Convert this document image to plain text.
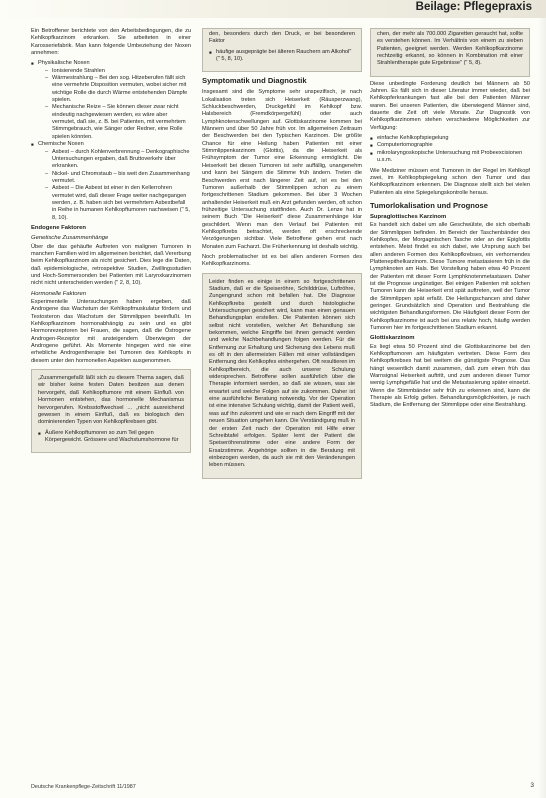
Beilage: Pflegepraxis

Ein Betroffener berichtete von den Arbeitsbedingungen, die zu Kehlkopfkarzinom erkranken. Sie arbeiteten in einer Karosseriefabrik. Man kann folgende Umbeziehung der Noxen annehmen:

■ Physikalische Noxen
– Ionisierende Strahlen
– Wärmestrahlung – Bei den sog. Hitzeberufen fällt sich eine vermehrte Disposition vermuten, wobei sicher mit wichtige Rolle die durch Wärme entstehenden Dämpfe spielen.
– Mechanische Reize – Sie können dieser zwar nicht eindeutig nachgewiesen werden, es wäre aber vermutet, daß sie, z. B. bei Patienten, mit vermehrtem Stimmgebrauch, wie Sänger oder Redner, eine Rolle spielen könnten.
■ Chemische Noxen
– Asbest – durch Kohlenverbrennung – Denkographische Untersuchungen ergaben, daß Bruttoverkehr über erkranken.
– Nickel- und Chromstaub – bis weit den Zusammenhang vermutet.
– Asbest – Die Asbest ist einer in den Kellerrohren vermutet wird, daß dieser Frage weiter nachgegangen werden, z. B. haben sich bei vermehrtem Asbestbefall in Reihe in humanen Kehlkopftumoren nachweisen (" 5, 8, 10).
Endogene Faktoren
Genetische Zusammenhänge

Über die das gehäufte Auftreten von malignen Tumoren in manchen Familien wird im allgemeinen berichtet, daß Vererbung beim Kehlkopfkarzinom als nicht gesichert. Dies lege die Daten, daß epidemiologische, retrospektive Studien, Zwillingsstudien und Hoch-Sommersonden bei Patienten mit Larynxkarzinomen nicht nicht unterscheiden werden (" 2, 8, 10).

Hormonelle Faktoren

Experimentelle Untersuchungen haben ergeben, daß Androgene das Wachstum der Kehlkopfmuskulatur fördern und Testosteron das Wachstum der Stimmlippen beeinflußt. Im Kehlkopfkarzinom hormonabhängig zu sein und es gibt Hormonrezeptoren bei Frauen, die sagen, daß die Östrogene Androgen-Rezeptor mit ansteigendem Überwiegen der Androgene geführt. Als Momente hingegen wird nie eine erhebliche Androgentherapie bei Tumoren des Kehlkopfs in diesem unter den hormonellen Aspekten ausgenommen.

„Zusammengefaßt läßt sich zu diesem Thema sagen, daß wir bisher keine festen Daten besitzen aus denen hervorgeht, daß Kehlkopftumore mit einem Einfluß von Hormonen entstehen, das hormonelle Mechanismus hervorgerufen. Krebsstoffwechsel ... „nicht ausreichend gewesen in einem Einfluß, daß es biologisch den dominierenden Typen von Kehlkopfkrebsen gibt.

■ Äußere Kehlkopftumoren so zum Teil gegen Körpergewicht. Grössere und Wachstumshormone für

den, besonders durch den Druck, er bei besonderen Faktor

■ häufige ausgeprägte bei älteren Rauchern am Alkohol" (" 5, 8, 10).
Symptomatik und Diagnostik

Insgesamt sind die Symptome sehr unspezifisch, je nach Lokalisation treten sich Heiserkeit (Räusperzwang), Schluckbeschwerden, Druckgefühl im Kehlkopf bzw. Halsbereich (Fremdkörpergefühl) oder auch Lymphknotenschwellungen auf. Glottiskarzinome kommen bei Männern und über 50 Jahre früh vor. Im allgemeinen Zeitraum der Beschwerden bei den Typischen Karzinom. Die größte Chance für eine Heilung haben Patienten mit einer Stimmlippenkarzinom (Glottis), da die Heiserkeit als Frühsymptom der Tumor eine Erkennung ermöglicht. Die Heiserkeit bei diesen Tumoren ist sehr auffällig, unangenehm und kann bei Sängern die Stimme früh ändern. Treten die Beschwerden erst nach längerer Zeit auf, ist es bei den Tumoren außerhalb der Stimmlippen schon zu einem fortgeschrittenen Stadium gekommen. Bei über 3 Wochen anhaltender Heiserkeit muß ein Arzt gefunden werden, oft schon frühzeitige Untersuchung stattfinden. Auch Dr. Lenze hat in seinem Buch "Die Heiserkeit" diese Zusammenhänge klar geschildert. Wenn man den Verlauf bei Patienten mit Kehlkopfkrebs betrachtet, werden oft erschreckende Verzögerungen sichtbar. Viele Betroffene gehen erst nach Monaten zum Facharzt. Die Früherkennung ist deshalb wichtig.

Noch problematischer ist es bei allen anderen Formen des Kehlkopfkarzinoms.

Leider finden es einige in einem so fortgeschrittenen Stadium, daß er die Speiseröhre, Schilddrüse, Luftröhre, Zungengrund schon mit befallen hat. Die Diagnose Kehlkopfkrebs gestellt und durch histologische Untersuchungen gesichert wird, kann man einen genauen Behandlungsplan erstellen. Die Patienten können sich selbst nicht vorstellen, welcher Art Behandlung sie bekommen, welche Eingriffe bei ihnen gemacht werden und welche Nachbehandlungen folgen werden. Für die Entfernung zur Erhaltung und Sicherung des Lebens muß es oft in den allermeisten Fällen mit einer vollständigen Entfernung des Kehlkopfes einhergehen. Oft resultieren im Kehlkopfbereich, die auch unserer Schulung widersprechen. Betroffene sollen ausführlich über die Therapie informiert werden, so daß sie wissen, was sie erwartet und welche Folgen auf sie zukommen. Daher ist eine ausführliche Beratung notwendig. Vor der Operation ist eine intensive Schulung wichtig, damit der Patient weiß, was auf ihn zukommt und wie er nach dem Eingriff mit der neuen Situation umgehen kann. Die Verständigung muß in der ersten Zeit nach der Operation mit Hilfe einer Schreibtafel erfolgen. Später lernt der Patient die Speiseröhrenstimme oder eine andere Form der Ersatzstimme. Angehörige sollten in die Beratung mit einbezogen werden, da auch sie mit den Veränderungen leben müssen.

chen, der mehr als 700.000 Zigaretten geraucht hat, sollte es verstehen können. Im Verhältnis von einem zu sieben Patienten, geeignet werden. Werden Kehlkopfkarzinome rechtzeitig erkannt, so können in Kombination mit einer Strahlentherapie gute Ergebnisse" (" 5, 8).

Diese unbedingte Forderung deutlich bei Männern ab 50 Jahren. Es fällt sich in dieser Literatur immer wieder, daß bei Kehlkopferkrankungen fast alle bei den Patienten Männer waren. Bei unseren Patienten, die überwiegend Männer sind, dauerte die Zeit oft viele Monate. Zur Diagnostik von Kehlkopfkarzinomen stehen verschiedene Möglichkeiten zur Verfügung:

■ einfache Kehlkopfspiegelung
■ Computertomographie
■ mikrolaryngoskopische Untersuchung mit Probeexcisionen u.s.m.

Wie Mediziner müssen erst Tumoren in der Regel im Kehlkopf zwei, im Kehlkopfspiegelung schon den Tumor und das Kehlkopfkarzinom erkennen. Die Diagnose stellt sich bei vielen Patienten als eine Spiegelungskontrolle heraus.

Tumorlokalisation und Prognose
Supraglottisches Karzinom

Es handelt sich dabei um alle Geschwülste, die sich oberhalb der Stimmlippen befinden. Im Bereich der Taschenbänder des Kehlkopfes, der Morgagnischen Tasche oder an der Epiglottis entstehen. Meist findet es sich dabei, wie Ursprung auch bei allen anderen Formen des Kehlkopfkrebses, ein verhornendes Plattenepithelkarzinom. Diese Tumore metastasieren früh in die Lymphknoten am Hals. Bei Vorstellung haben etwa 40 Prozent der Patienten mit dieser Form Lymphknotenmetastasen. Daher ist die Prognose ungünstiger. Bei einigen Patienten mit solchen Tumoren kann die Heiserkeit erst spät auftreten, weil der Tumor die Stimmlippen spät erfaßt. Die Heilungschancen sind daher geringer. Grundsätzlich sind Operation und Bestrahlung die wichtigsten Behandlungsformen. Die Häufigkeit dieser Form der Kehlkopfkarzinome ist auch bei uns relativ hoch, häufig werden Tumoren hier im fortgeschrittenen Stadium erkannt.

Glottiskarzinom

Es liegt etwa 50 Prozent sind die Glottiskarzinome bei den Kehlkopftumoren am häufigsten vertreten. Diese Form des Kehlkopfkrebses hat bei weitem die günstigste Prognose. Das hängt wesentlich damit zusammen, daß zum einen früh das Warnsignal Heiserkeit auftritt, und zum anderen dieser Tumor wenig Lymphgefäße hat und die Metastasierung später einsetzt. Wenn die Stimmbänder sehr früh zu erkennen sind, kann die Therapie als Erfolg gelten. Behandlungsmöglichkeiten, je nach Stadium, die Entfernung der Stimmlippe oder eine Bestrahlung.

Deutsche Krankenpflege-Zeitschrift 11/1987	3
